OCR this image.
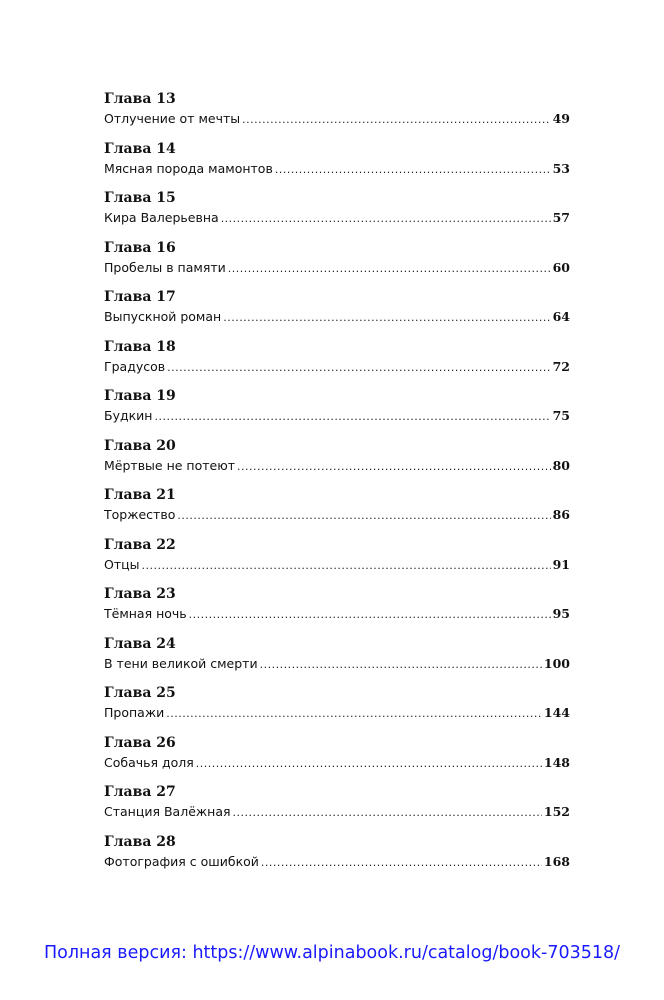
Глава 13
Отлучение от мечты .....	49
Глава 14
Мясная порода мамонтов .....	53
Глава 15
Кира Валерьевна .....	57
Глава 16
Пробелы в памяти .....	60
Глава 17
Выпускной роман .....	64
Глава 18
Градусов .....	72
Глава 19
Будкин .....	75
Глава 20
Мёртвые не потеют .....	80
Глава 21
Торжество .....	86
Глава 22
Отцы .....	91
Глава 23
Тёмная ночь .....	95
Глава 24
В тени великой смерти .....	100
Глава 25
Пропажи .....	144
Глава 26
Собачья доля .....	148
Глава 27
Станция Валёжная .....	152
Глава 28
Фотография с ошибкой .....	168
Полная версия: https://www.alpinabook.ru/catalog/book-703518/
